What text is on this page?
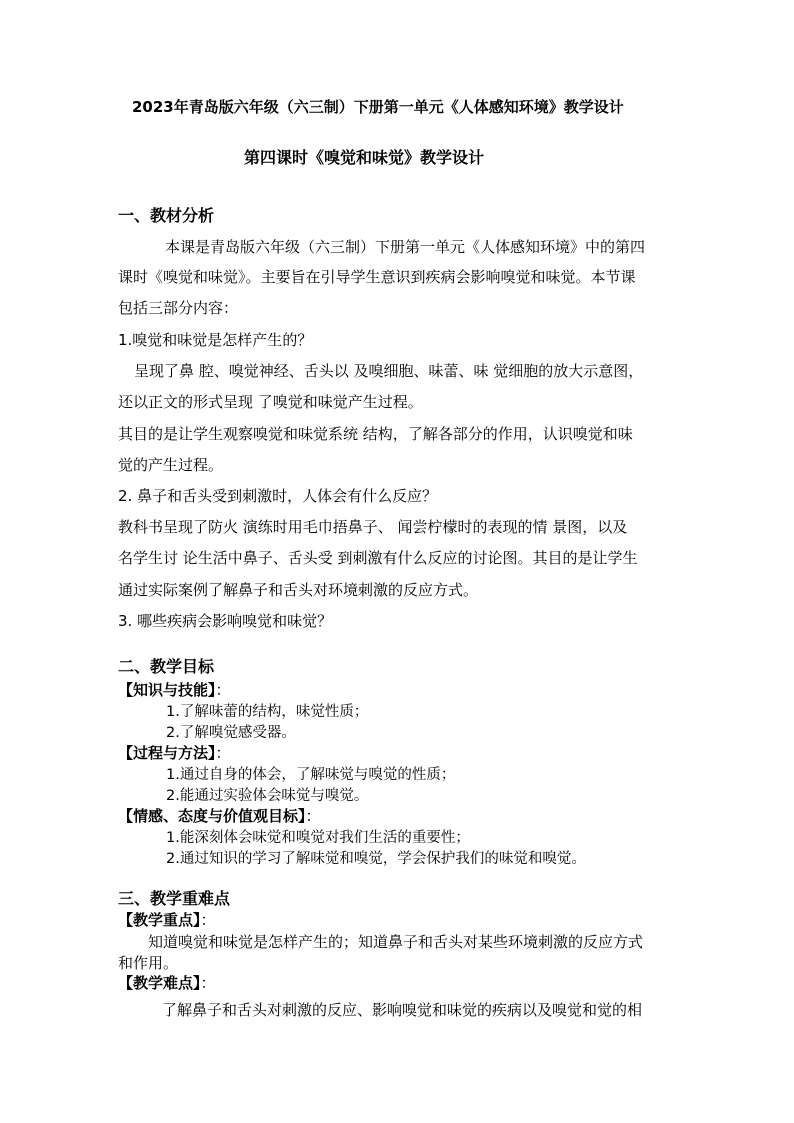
2023年青岛版六年级（六三制）下册第一单元《人体感知环境》教学设计
第四课时《嗅觉和味觉》教学设计
一、教材分析
本课是青岛版六年级（六三制）下册第一单元《人体感知环境》中的第四
课时《嗅觉和味觉》。主要旨在引导学生意识到疾病会影响嗅觉和味觉。本节课
包括三部分内容：
1.嗅觉和味觉是怎样产生的？
呈现了鼻 腔、嗅觉神经、舌头以 及嗅细胞、味蕾、味 觉细胞的放大示意图，
还以正文的形式呈现 了嗅觉和味觉产生过程。
其目的是让学生观察嗅觉和味觉系统 结构，了解各部分的作用，认识嗅觉和味
觉的产生过程。
2. 鼻子和舌头受到刺激时，人体会有什么反应？
教科书呈现了防火 演练时用毛巾捂鼻子、 闻尝柠檬时的表现的情 景图，以及
名学生讨 论生活中鼻子、舌头受 到刺激有什么反应的讨论图。其目的是让学生
通过实际案例了解鼻子和舌头对环境刺激的反应方式。
3. 哪些疾病会影响嗅觉和味觉？
二、教学目标
【知识与技能】：
1.了解味蕾的结构，味觉性质；
2.了解嗅觉感受器。
【过程与方法】：
1.通过自身的体会，了解味觉与嗅觉的性质；
2.能通过实验体会味觉与嗅觉。
【情感、态度与价值观目标】：
1.能深刻体会味觉和嗅觉对我们生活的重要性；
2.通过知识的学习了解味觉和嗅觉，学会保护我们的味觉和嗅觉。
三、教学重难点
【教学重点】：
知道嗅觉和味觉是怎样产生的；知道鼻子和舌头对某些环境刺激的反应方式
和作用。
【教学难点】：
了解鼻子和舌头对刺激的反应、影响嗅觉和味觉的疾病以及嗅觉和觉的相
